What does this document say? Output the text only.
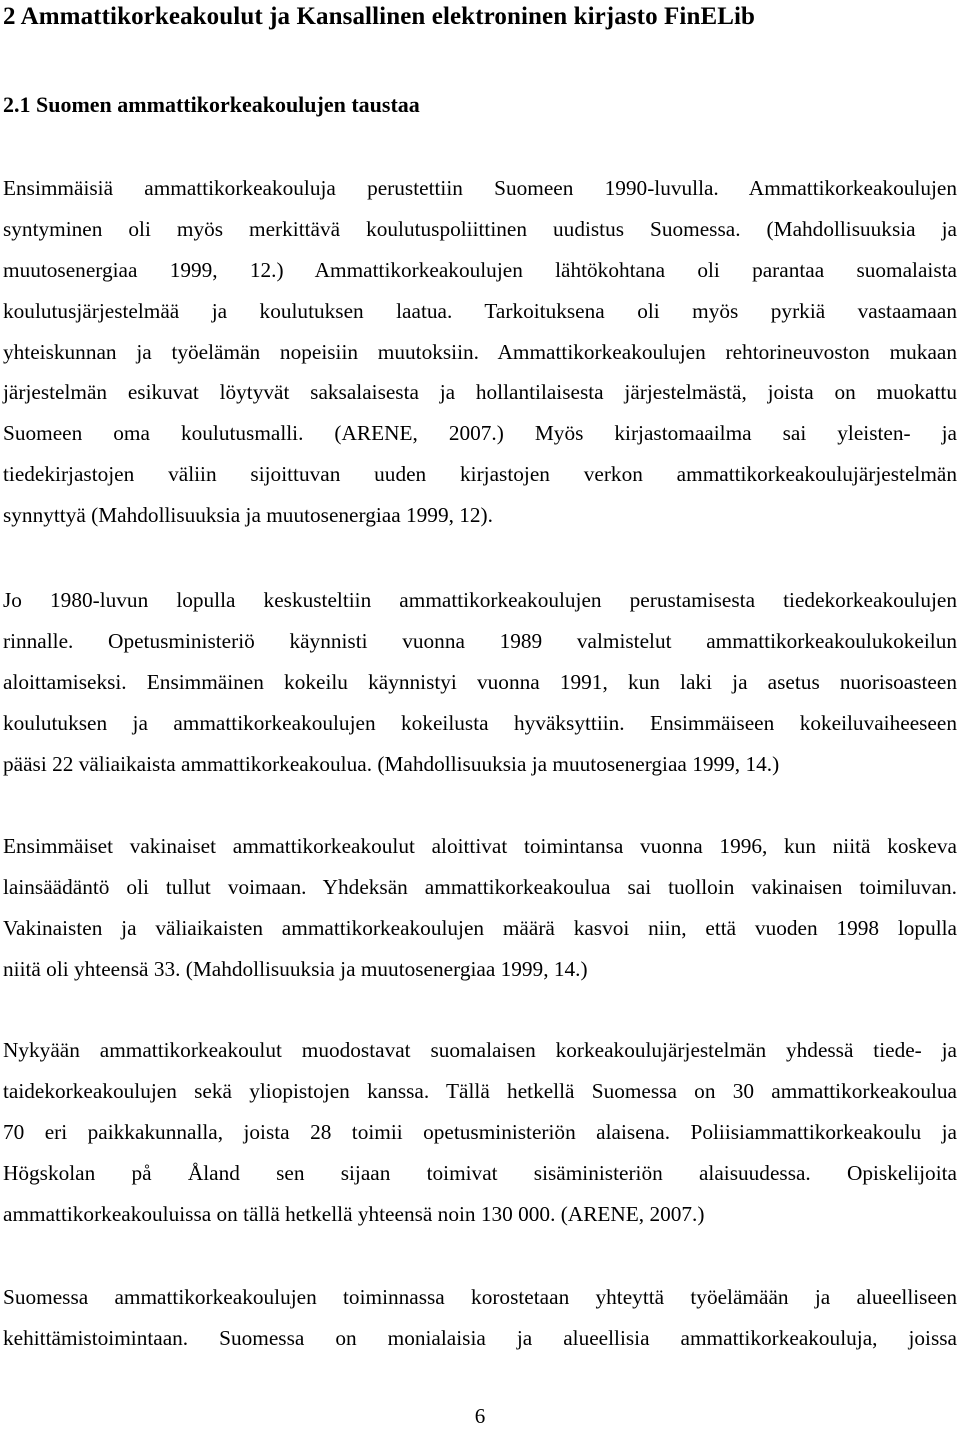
2 Ammattikorkeakoulut ja Kansallinen elektroninen kirjasto FinELib
2.1 Suomen ammattikorkeakoulujen taustaa
Ensimmäisiä ammattikorkeakouluja perustettiin Suomeen 1990-luvulla. Ammattikorkeakoulujen
syntyminen oli myös merkittävä koulutuspoliittinen uudistus Suomessa. (Mahdollisuuksia ja
muutosenergiaa 1999, 12.) Ammattikorkeakoulujen lähtökohtana oli parantaa suomalaista
koulutusjärjestelmää ja koulutuksen laatua. Tarkoituksena oli myös pyrkiä vastaamaan
yhteiskunnan ja työelämän nopeisiin muutoksiin. Ammattikorkeakoulujen rehtorineuvoston mukaan
järjestelmän esikuvat löytyvät saksalaisesta ja hollantilaisesta järjestelmästä, joista on muokattu
Suomeen oma koulutusmalli. (ARENE, 2007.) Myös kirjastomaailma sai yleisten- ja
tiedekirjastojen väliin sijoittuvan uuden kirjastojen verkon ammattikorkeakoulujärjestelmän
synnyttyä (Mahdollisuuksia ja muutosenergiaa 1999, 12).
Jo 1980-luvun lopulla keskusteltiin ammattikorkeakoulujen perustamisesta tiedekorkeakoulujen
rinnalle. Opetusministeriö käynnisti vuonna 1989 valmistelut ammattikorkeakoulukokeilun
aloittamiseksi. Ensimmäinen kokeilu käynnistyi vuonna 1991, kun laki ja asetus nuorisoasteen
koulutuksen ja ammattikorkeakoulujen kokeilusta hyväksyttiin. Ensimmäiseen kokeiluvaiheeseen
pääsi 22 väliaikaista ammattikorkeakoulua. (Mahdollisuuksia ja muutosenergiaa 1999, 14.)
Ensimmäiset vakinaiset ammattikorkeakoulut aloittivat toimintansa vuonna 1996, kun niitä koskeva
lainsäädäntö oli tullut voimaan. Yhdeksän ammattikorkeakoulua sai tuolloin vakinaisen toimiluvan.
Vakinaisten ja väliaikaisten ammattikorkeakoulujen määrä kasvoi niin, että vuoden 1998 lopulla
niitä oli yhteensä 33. (Mahdollisuuksia ja muutosenergiaa 1999, 14.)
Nykyään ammattikorkeakoulut muodostavat suomalaisen korkeakoulujärjestelmän yhdessä tiede- ja
taidekorkeakoulujen sekä yliopistojen kanssa. Tällä hetkellä Suomessa on 30 ammattikorkeakoulua
70 eri paikkakunnalla, joista 28 toimii opetusministeriön alaisena. Poliisiammattikorkeakoulu ja
Högskolan på Åland sen sijaan toimivat sisäministeriön alaisuudessa. Opiskelijoita
ammattikorkeakouluissa on tällä hetkellä yhteensä noin 130 000. (ARENE, 2007.)
Suomessa ammattikorkeakoulujen toiminnassa korostetaan yhteyttä työelämään ja alueelliseen
kehittämistoimintaan. Suomessa on monialaisia ja alueellisia ammattikorkeakouluja, joissa
6
